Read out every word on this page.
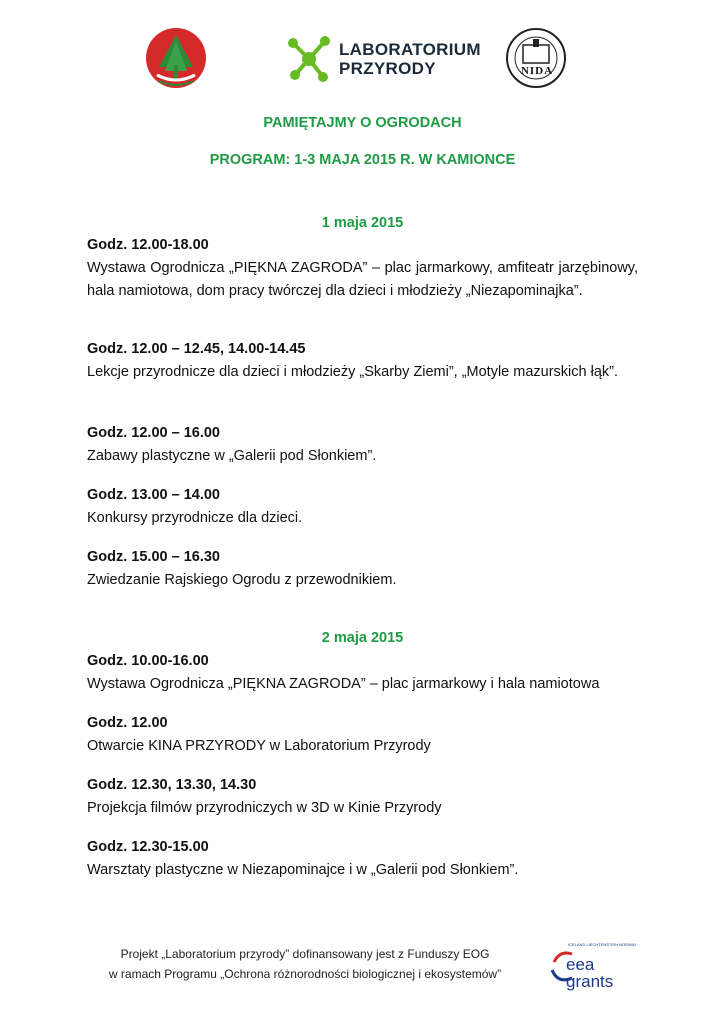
LABORATORIUM
PRZYRODY	NIDA
PAMIĘTAJMY O OGRODACH
PROGRAM: 1-3 MAJA 2015 R. W KAMIONCE
1 maja 2015
Godz. 12.00-18.00
Wystawa Ogrodnicza „PIĘKNA ZAGRODA” – plac jarmarkowy, amfiteatr jarzębinowy, hala namiotowa, dom pracy twórczej dla dzieci i młodzieży „Niezapominajka”.
Godz. 12.00 – 12.45, 14.00-14.45
Lekcje przyrodnicze dla dzieci i młodzieży „Skarby Ziemi”, „Motyle mazurskich łąk”.
Godz. 12.00 – 16.00
Zabawy plastyczne w „Galerii pod Słonkiem”.
Godz. 13.00 – 14.00
Konkursy przyrodnicze dla dzieci.
Godz. 15.00 – 16.30
Zwiedzanie Rajskiego Ogrodu z przewodnikiem.
2 maja 2015
Godz. 10.00-16.00
Wystawa Ogrodnicza „PIĘKNA ZAGRODA” – plac jarmarkowy i hala namiotowa
Godz. 12.00
Otwarcie KINA PRZYRODY w Laboratorium Przyrody
Godz. 12.30, 13.30, 14.30
Projekcja filmów przyrodniczych w 3D w Kinie Przyrody
Godz. 12.30-15.00
Warsztaty plastyczne w Niezapominajce i w „Galerii pod Słonkiem”.
Projekt „Laboratorium przyrody” dofinansowany jest z Funduszy EOG
w ramach Programu „Ochrona różnorodności biologicznej i ekosystemów”
ICELAND LIECHTENSTEIN NORWAY
eea
grants
